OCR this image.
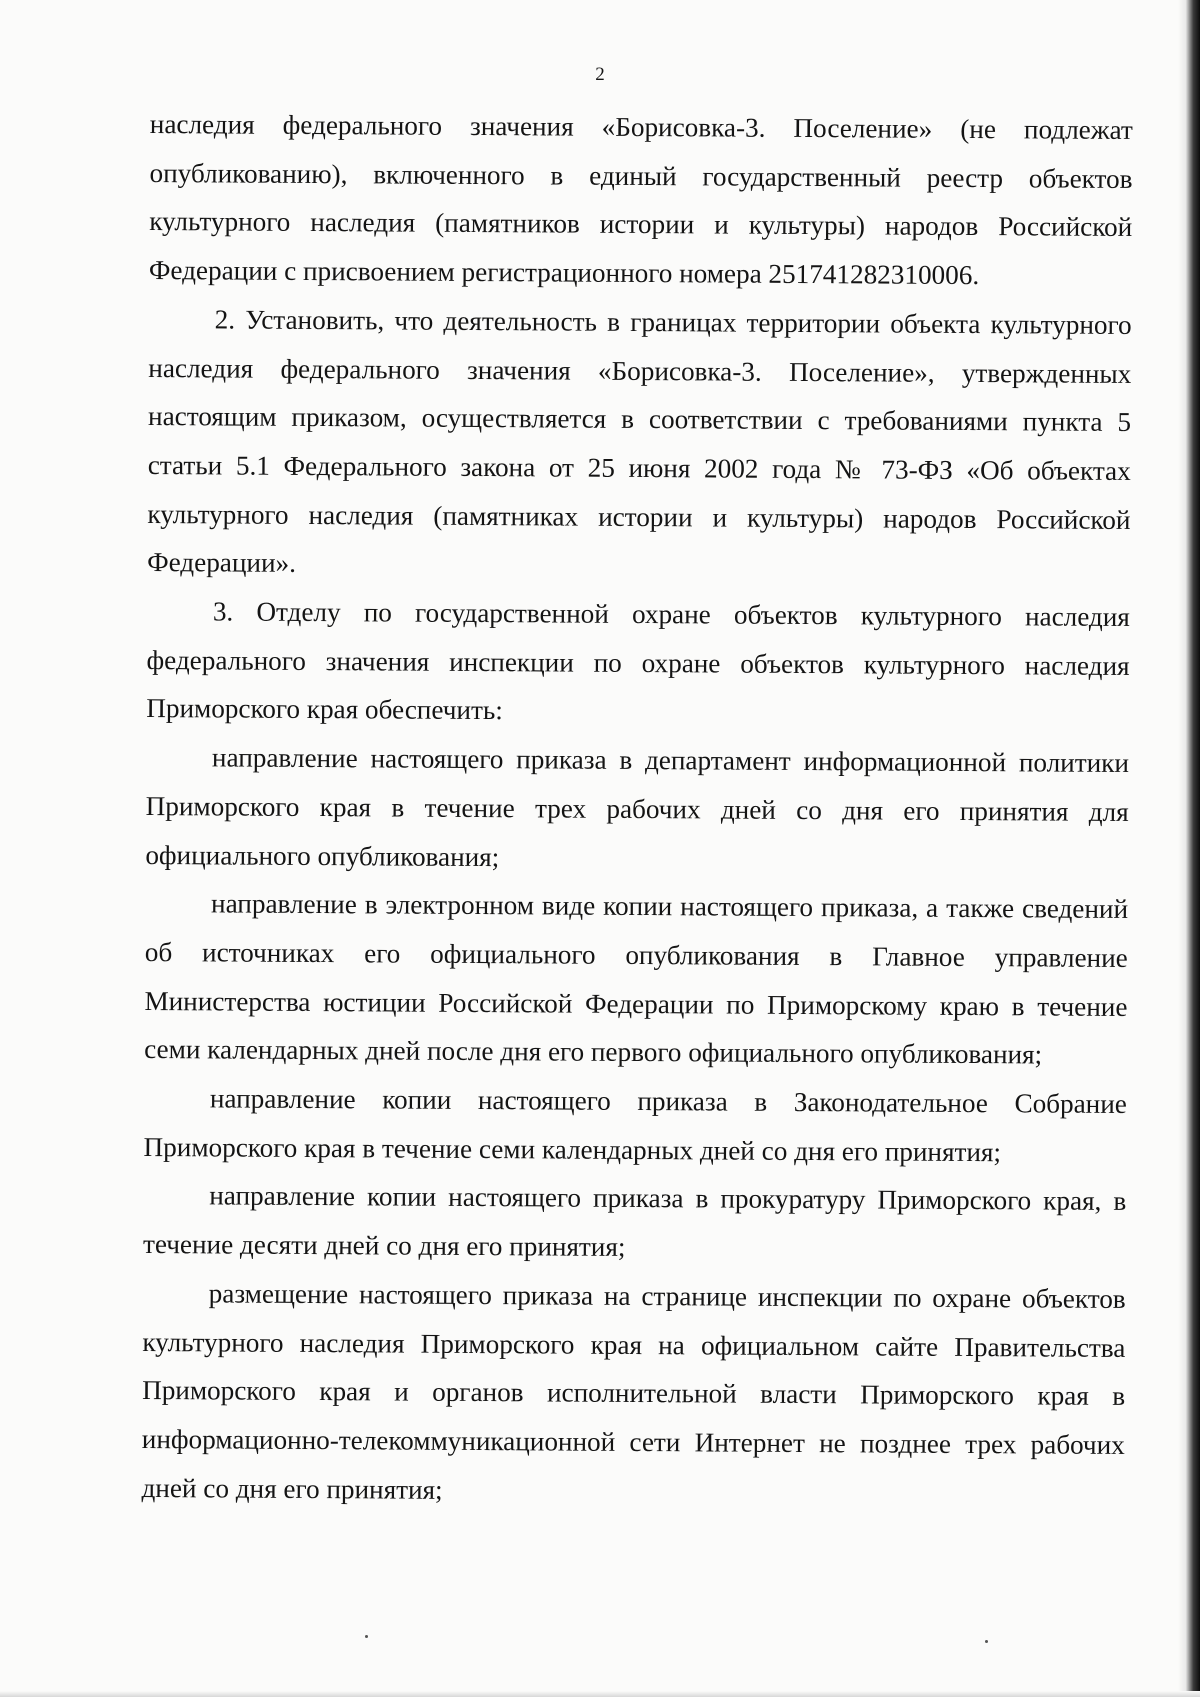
2

наследия федерального значения «Борисовка-3. Поселение» (не подлежат опубликованию), включенного в единый государственный реестр объектов культурного наследия (памятников истории и культуры) народов Российской Федерации с присвоением регистрационного номера 251741282310006.

2. Установить, что деятельность в границах территории объекта культурного наследия федерального значения «Борисовка-3. Поселение», утвержденных настоящим приказом, осуществляется в соответствии с требованиями пункта 5 статьи 5.1 Федерального закона от 25 июня 2002 года № 73-ФЗ «Об объектах культурного наследия (памятниках истории и культуры) народов Российской Федерации».

3. Отделу по государственной охране объектов культурного наследия федерального значения инспекции по охране объектов культурного наследия Приморского края обеспечить:

направление настоящего приказа в департамент информационной политики Приморского края в течение трех рабочих дней со дня его принятия для официального опубликования;

направление в электронном виде копии настоящего приказа, а также сведений об источниках его официального опубликования в Главное управление Министерства юстиции Российской Федерации по Приморскому краю в течение семи календарных дней после дня его первого официального опубликования;

направление копии настоящего приказа в Законодательное Собрание Приморского края в течение семи календарных дней со дня его принятия;

направление копии настоящего приказа в прокуратуру Приморского края, в течение десяти дней со дня его принятия;

размещение настоящего приказа на странице инспекции по охране объектов культурного наследия Приморского края на официальном сайте Правительства Приморского края и органов исполнительной власти Приморского края в информационно-телекоммуникационной сети Интернет не позднее трех рабочих дней со дня его принятия;
